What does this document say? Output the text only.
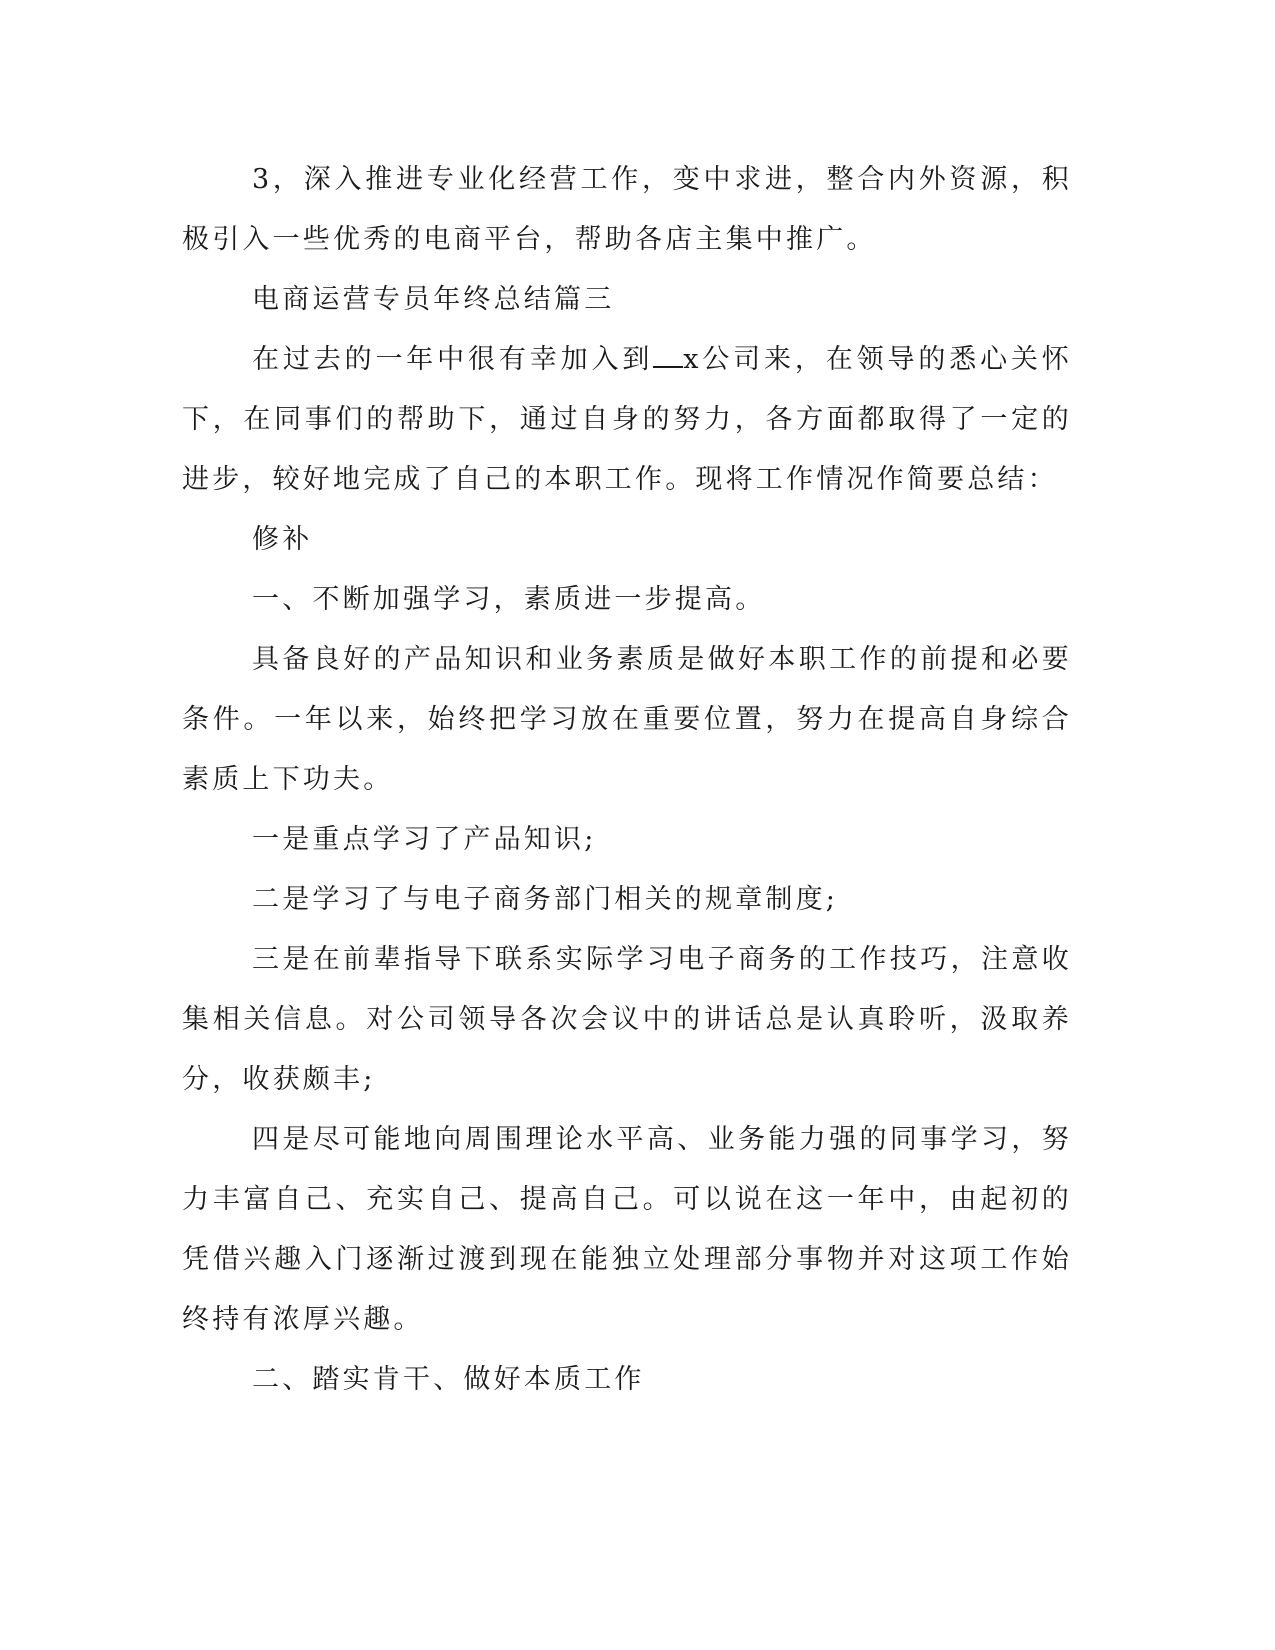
3，深入推进专业化经营工作，变中求进，整合内外资源，积极引入一些优秀的电商平台，帮助各店主集中推广。

电商运营专员年终总结篇三

在过去的一年中很有幸加入到 x公司来，在领导的悉心关怀下，在同事们的帮助下，通过自身的努力，各方面都取得了一定的进步，较好地完成了自己的本职工作。现将工作情况作简要总结：

修补

一、不断加强学习，素质进一步提高。

具备良好的产品知识和业务素质是做好本职工作的前提和必要条件。一年以来，始终把学习放在重要位置，努力在提高自身综合素质上下功夫。

一是重点学习了产品知识;

二是学习了与电子商务部门相关的规章制度;

三是在前辈指导下联系实际学习电子商务的工作技巧，注意收集相关信息。对公司领导各次会议中的讲话总是认真聆听，汲取养分，收获颇丰;

四是尽可能地向周围理论水平高、业务能力强的同事学习，努力丰富自己、充实自己、提高自己。可以说在这一年中，由起初的凭借兴趣入门逐渐过渡到现在能独立处理部分事物并对这项工作始终持有浓厚兴趣。

二、踏实肯干、做好本质工作
